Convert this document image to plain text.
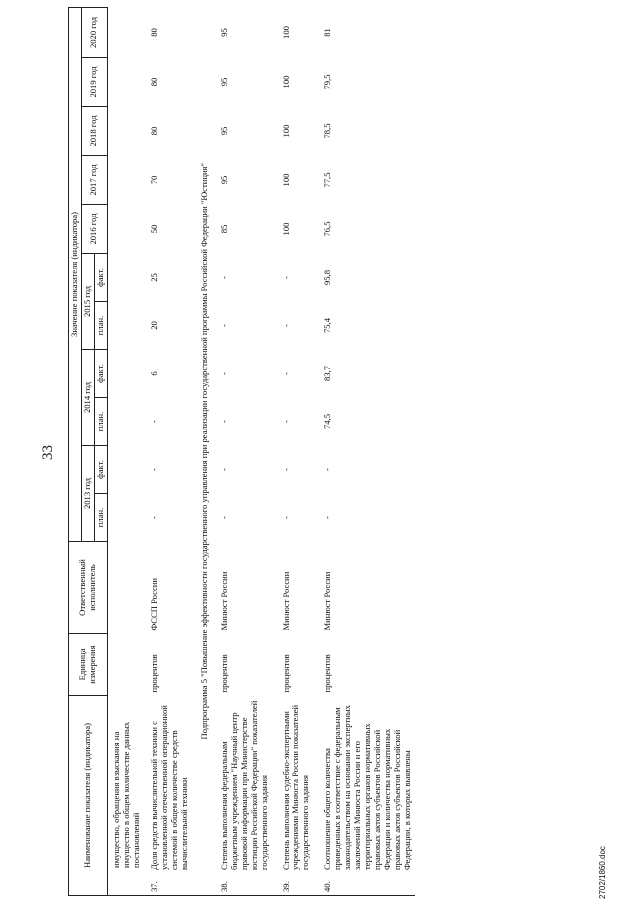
33
Наименование показателя (индикатора)	Единица измерения	Ответственный исполнитель	Значение показателя (индикатора)										
			2013 год		2014 год		2015 год		2016 год	2017 год	2018 год	2019 год	2020 год
			план.	факт.	план.	факт.	план.	факт.					
имущество, обращения взыскания на имущество в общем количестве данных постановлений													
37.Доля средств вычислительной техники с установленной отечественной операционной системой в общем количестве средств вычислительной техники	процентов	ФССП России	-	-	-	6	20	25	50	70	80	80	80
Подпрограмма 5 "Повышение эффективности государственного управления при реализации государственной программы Российской Федерации "Юстиция"													
38.Степень выполнения федеральным бюджетным учреждением "Научный центр правовой информации при Министерстве юстиции Российской Федерации" показателей государственного задания	процентов	Минюст России	-	-	-	-	-	-	85	95	95	95	95
39.Степень выполнения судебно-экспертными учреждениями Минюста России показателей государственного задания	процентов	Минюст России	-	-	-	-	-	-	100	100	100	100	100
40.Соотношение общего количества приведенных в соответствие с федеральным законодательством на основании экспертных заключений Минюста России и его территориальных органов нормативных правовых актов субъектов Российской Федерации и количества нормативных правовых актов субъектов Российской Федерации, в которых выявлены	процентов	Минюст России	-	-	74,5	83,7	75,4	95,8	76,5	77,5	78,5	79,5	81
2702/1860.doc
